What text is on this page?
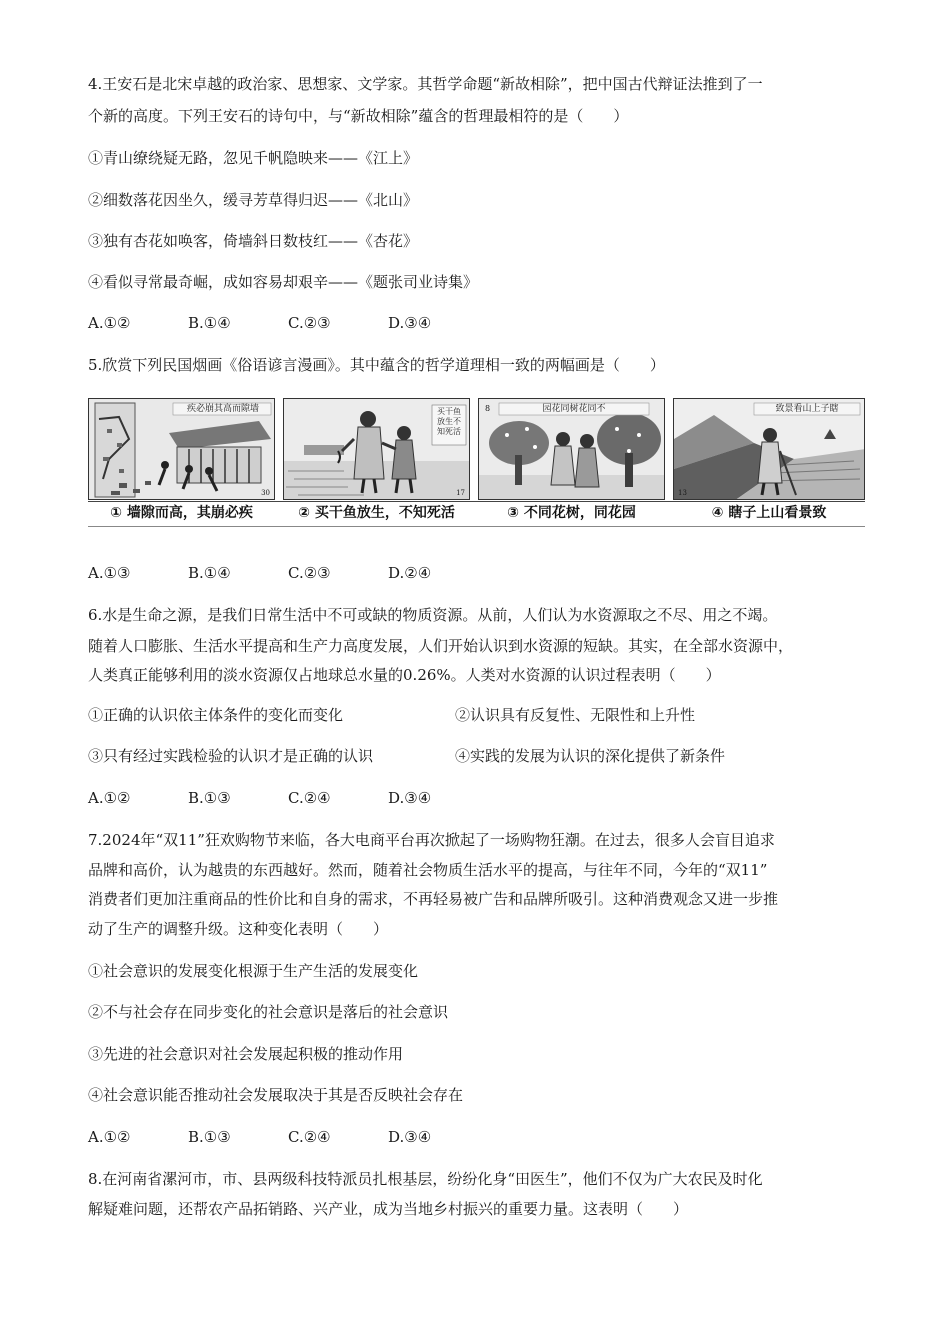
4.王安石是北宋卓越的政治家、思想家、文学家。其哲学命题“新故相除”，把中国古代辩证法推到了一
个新的高度。下列王安石的诗句中，与“新故相除”蕴含的哲理最相符的是（　　）
①青山缭绕疑无路，忽见千帆隐映来——《江上》
②细数落花因坐久，缓寻芳草得归迟——《北山》
③独有杏花如唤客，倚墙斜日数枝红——《杏花》
④看似寻常最奇崛，成如容易却艰辛——《题张司业诗集》
A.①②	B.①④	C.②③	D.③④
5.欣赏下列民国烟画《俗语谚言漫画》。其中蕴含的哲学道理相一致的两幅画是（　　）
疾必崩其高而隙墙
30
买干鱼放生不知死活
17
8	园花同树花同不	致景看山上子瞎
13
① 墙隙而高，其崩必疾	② 买干鱼放生，不知死活	③ 不同花树，同花园	④ 瞎子上山看景致
A.①③	B.①④	C.②③	D.②④
6.水是生命之源，是我们日常生活中不可或缺的物质资源。从前，人们认为水资源取之不尽、用之不竭。
随着人口膨胀、生活水平提高和生产力高度发展，人们开始认识到水资源的短缺。其实，在全部水资源中，
人类真正能够利用的淡水资源仅占地球总水量的0.26%。人类对水资源的认识过程表明（　　）
①正确的认识依主体条件的变化而变化	②认识具有反复性、无限性和上升性
③只有经过实践检验的认识才是正确的认识	④实践的发展为认识的深化提供了新条件
A.①②	B.①③	C.②④	D.③④
7.2024年“双11”狂欢购物节来临，各大电商平台再次掀起了一场购物狂潮。在过去，很多人会盲目追求
品牌和高价，认为越贵的东西越好。然而，随着社会物质生活水平的提高，与往年不同，今年的“双11”
消费者们更加注重商品的性价比和自身的需求，不再轻易被广告和品牌所吸引。这种消费观念又进一步推
动了生产的调整升级。这种变化表明（　　）
①社会意识的发展变化根源于生产生活的发展变化
②不与社会存在同步变化的社会意识是落后的社会意识
③先进的社会意识对社会发展起积极的推动作用
④社会意识能否推动社会发展取决于其是否反映社会存在
A.①②	B.①③	C.②④	D.③④
8.在河南省漯河市，市、县两级科技特派员扎根基层，纷纷化身“田医生”，他们不仅为广大农民及时化
解疑难问题，还帮农产品拓销路、兴产业，成为当地乡村振兴的重要力量。这表明（　　）
